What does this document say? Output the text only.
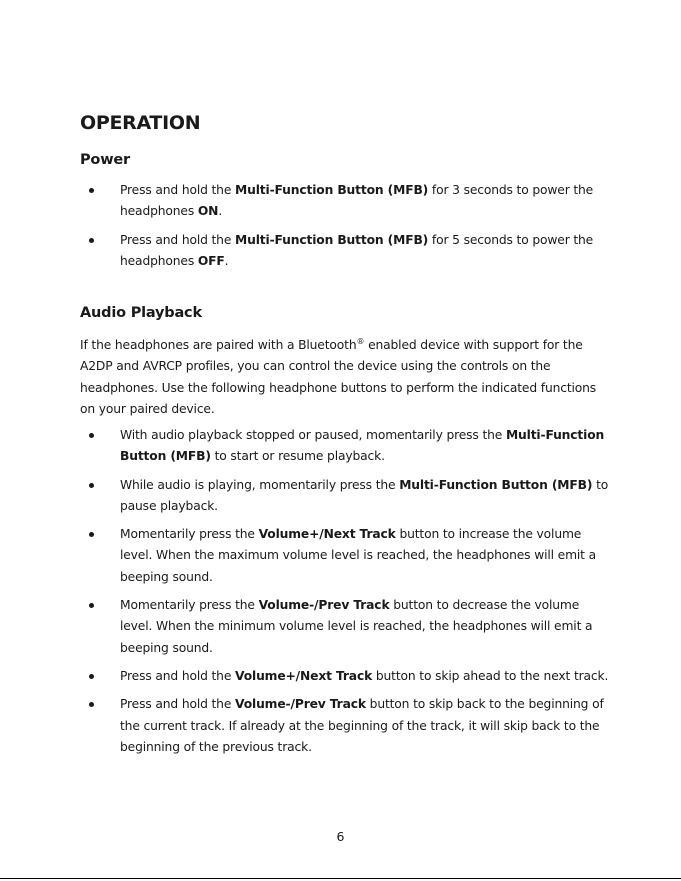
OPERATION
Power
Press and hold the Multi-Function Button (MFB) for 3 seconds to power the headphones ON.
Press and hold the Multi-Function Button (MFB) for 5 seconds to power the headphones OFF.
Audio Playback
If the headphones are paired with a Bluetooth® enabled device with support for the A2DP and AVRCP profiles, you can control the device using the controls on the headphones. Use the following headphone buttons to perform the indicated functions on your paired device.
With audio playback stopped or paused, momentarily press the Multi-Function Button (MFB) to start or resume playback.
While audio is playing, momentarily press the Multi-Function Button (MFB) to pause playback.
Momentarily press the Volume+/Next Track button to increase the volume level. When the maximum volume level is reached, the headphones will emit a beeping sound.
Momentarily press the Volume-/Prev Track button to decrease the volume level. When the minimum volume level is reached, the headphones will emit a beeping sound.
Press and hold the Volume+/Next Track button to skip ahead to the next track.
Press and hold the Volume-/Prev Track button to skip back to the beginning of the current track. If already at the beginning of the track, it will skip back to the beginning of the previous track.
6
